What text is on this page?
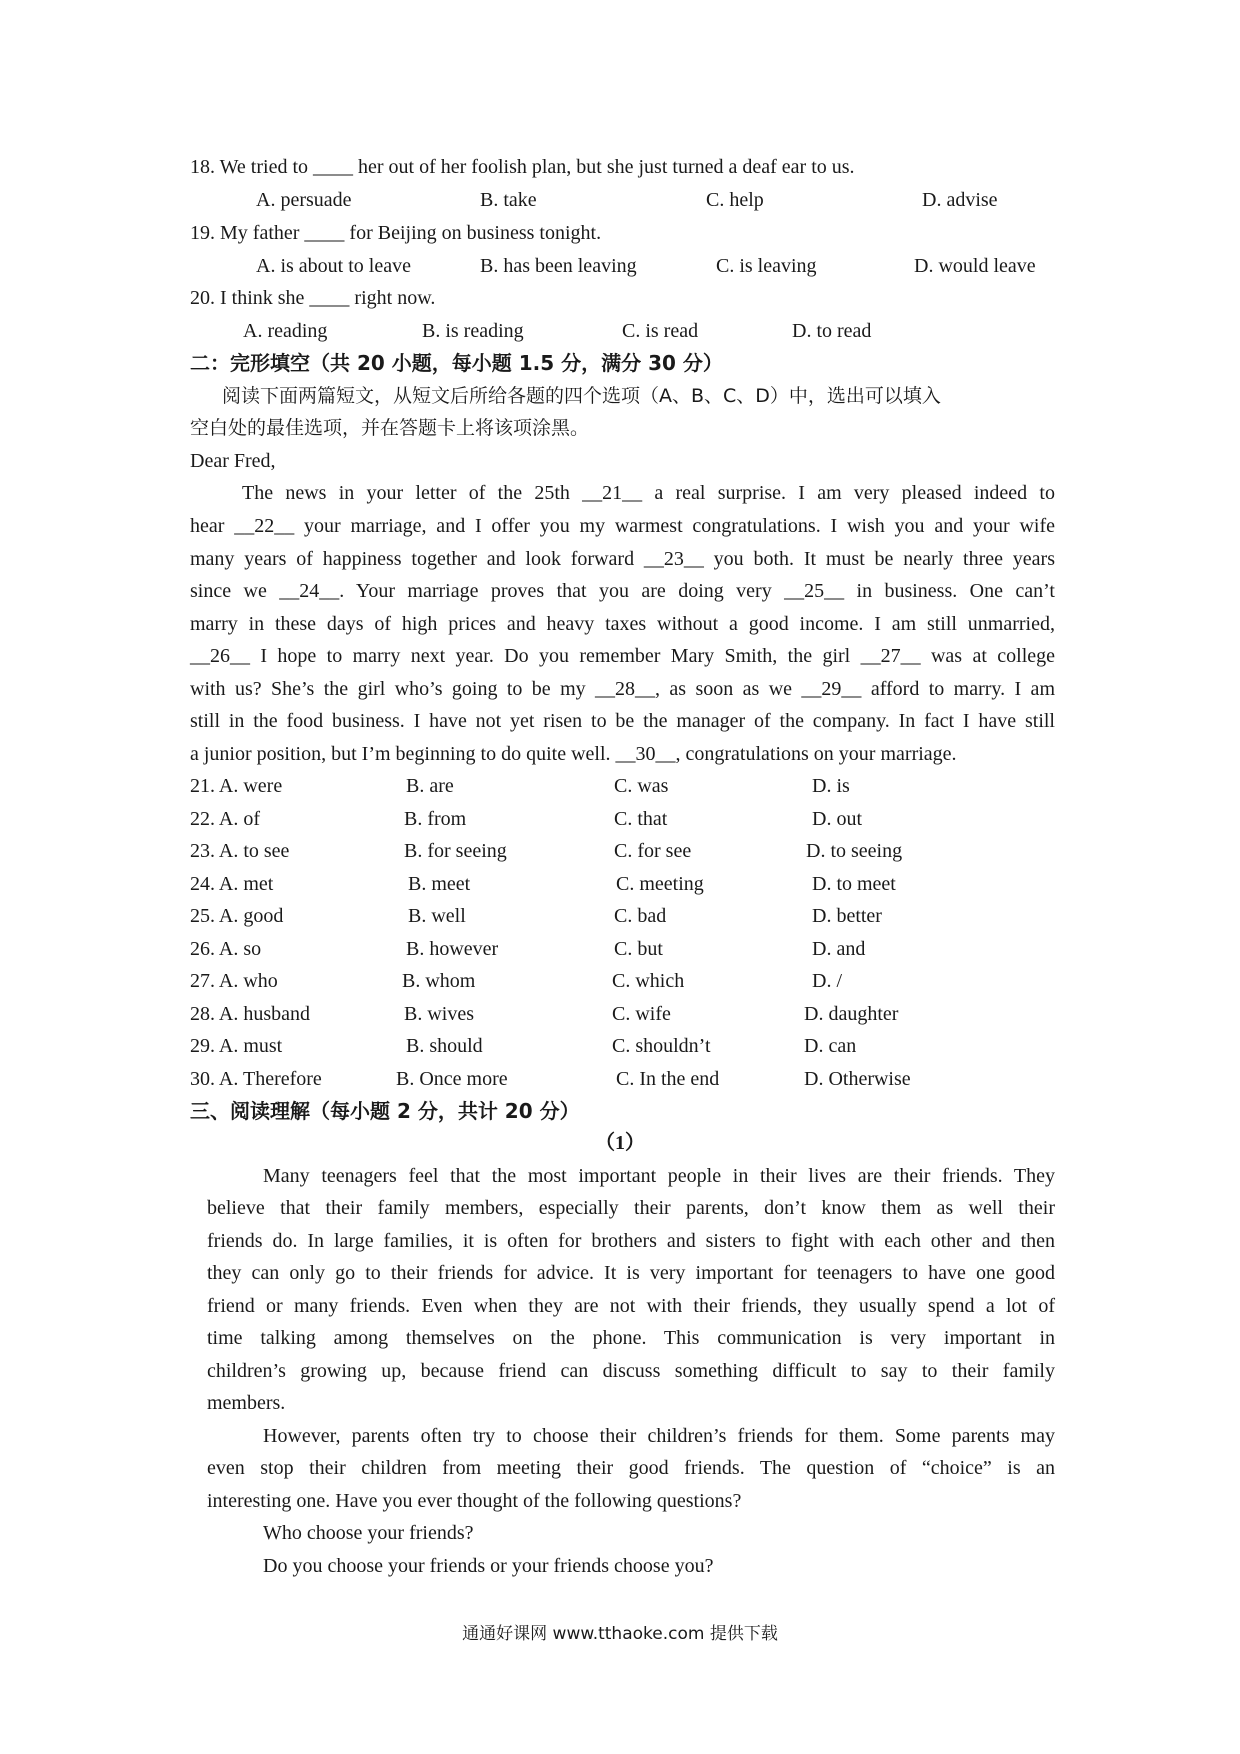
18. We tried to ____ her out of her foolish plan, but she just turned a deaf ear to us.
A. persuade	B. take	C. help	D. advise
19. My father ____ for Beijing on business tonight.
A. is about to leave	B. has been leaving	C. is leaving	D. would leave
20. I think she ____ right now.
A. reading	B. is reading	C. is read	D. to read
二：完形填空（共 20 小题，每小题 1.5 分，满分 30 分）
阅读下面两篇短文，从短文后所给各题的四个选项（A、B、C、D）中，选出可以填入
空白处的最佳选项，并在答题卡上将该项涂黑。
Dear Fred,
The news in your letter of the 25th __21__ a real surprise. I am very pleased indeed to
hear __22__ your marriage, and I offer you my warmest congratulations. I wish you and your wife
many years of happiness together and look forward __23__ you both. It must be nearly three years
since we __24__. Your marriage proves that you are doing very __25__ in business. One can’t
marry in these days of high prices and heavy taxes without a good income. I am still unmarried,
__26__ I hope to marry next year. Do you remember Mary Smith, the girl __27__ was at college
with us? She’s the girl who’s going to be my __28__, as soon as we __29__ afford to marry. I am
still in the food business. I have not yet risen to be the manager of the company. In fact I have still
a junior position, but I’m beginning to do quite well. __30__, congratulations on your marriage.
21. A. were	B. are	C. was	D. is
22. A. of	B. from	C. that	D. out
23. A. to see	B. for seeing	C. for see	D. to seeing
24. A. met	B. meet	C. meeting	D. to meet
25. A. good	B. well	C. bad	D. better
26. A. so	B. however	C. but	D. and
27. A. who	B. whom	C. which	D. /
28. A. husband	B. wives	C. wife	D. daughter
29. A. must	B. should	C. shouldn’t	D. can
30. A. Therefore	B. Once more	C. In the end	D. Otherwise
三、阅读理解（每小题 2 分，共计 20 分）
（1）
Many teenagers feel that the most important people in their lives are their friends. They
believe that their family members, especially their parents, don’t know them as well their
friends do. In large families, it is often for brothers and sisters to fight with each other and then
they can only go to their friends for advice. It is very important for teenagers to have one good
friend or many friends. Even when they are not with their friends, they usually spend a lot of
time talking among themselves on the phone. This communication is very important in
children’s growing up, because friend can discuss something difficult to say to their family
members.
However, parents often try to choose their children’s friends for them. Some parents may
even stop their children from meeting their good friends. The question of “choice” is an
interesting one. Have you ever thought of the following questions?
Who choose your friends?
Do you choose your friends or your friends choose you?
通通好课网 www.tthaoke.com 提供下载
